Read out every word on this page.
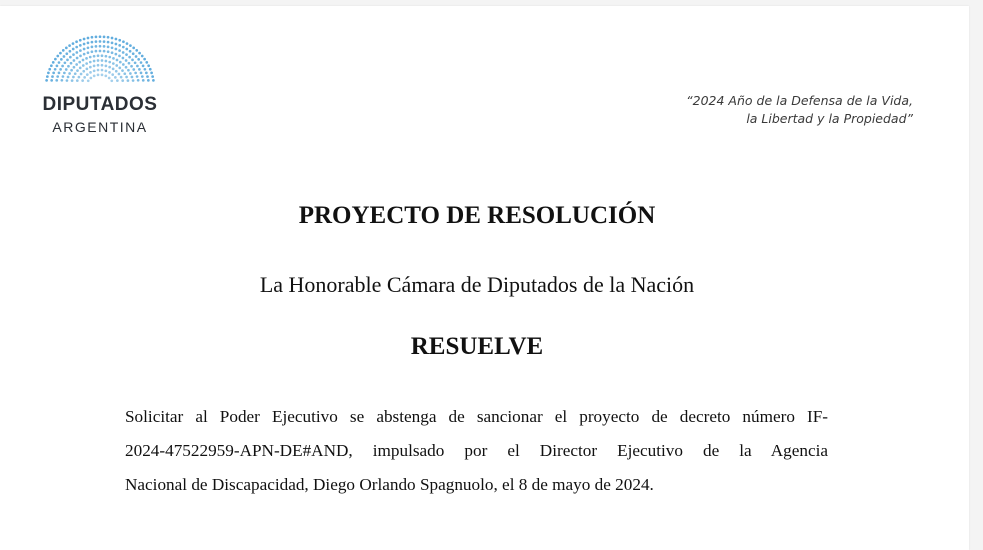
DIPUTADOS
ARGENTINA
“2024 Año de la Defensa de la Vida,
la Libertad y la Propiedad”
PROYECTO DE RESOLUCIÓN
La Honorable Cámara de Diputados de la Nación
RESUELVE
Solicitar al Poder Ejecutivo se abstenga de sancionar el proyecto de decreto número IF-
2024-47522959-APN-DE#AND, impulsado por el Director Ejecutivo de la Agencia
Nacional de Discapacidad, Diego Orlando Spagnuolo, el 8 de mayo de 2024.
